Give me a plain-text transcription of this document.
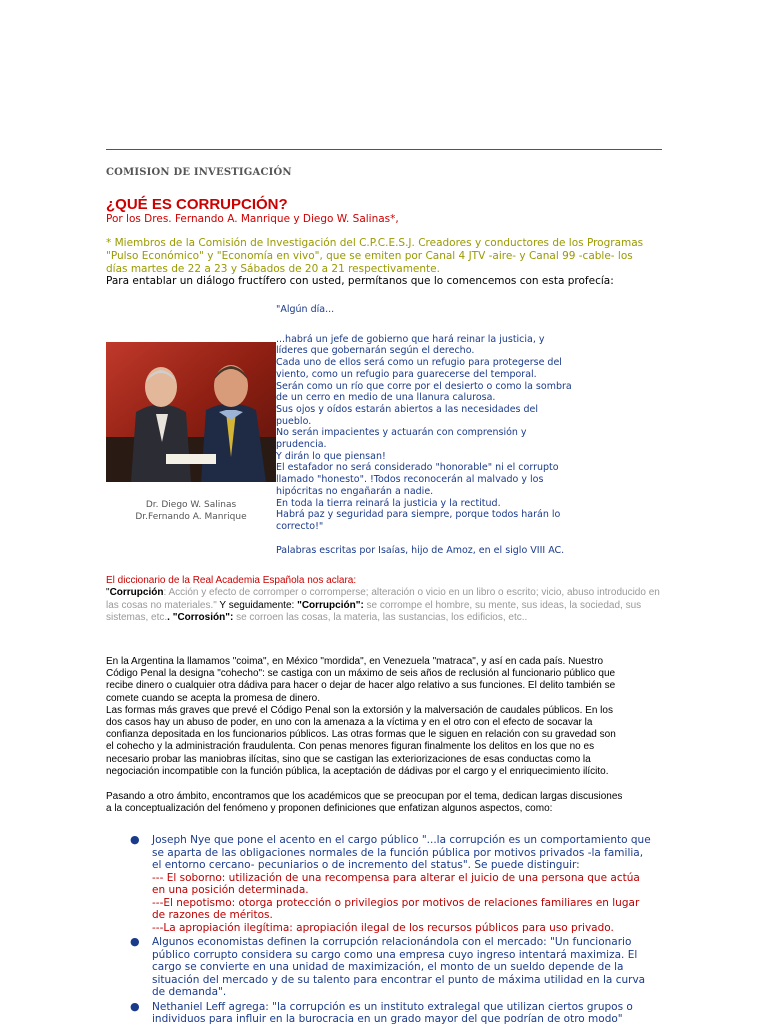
COMISION DE INVESTIGACIÓN
¿QUÉ ES CORRUPCIÓN?
Por los Dres. Fernando A. Manrique y Diego W. Salinas*,
* Miembros de la Comisión de Investigación del C.P.C.E.S.J. Creadores y conductores de los Programas
"Pulso Económico" y "Economía en vivo", que se emiten por Canal 4 JTV -aire- y Canal 99 -cable- los
días martes de 22 a 23 y Sábados de 20 a 21 respectivamente.
Para entablar un diálogo fructífero con usted, permítanos que lo comencemos con esta profecía:
Dr. Diego W. Salinas
Dr.Fernando A. Manrique

"Algún día...

...habrá un jefe de gobierno que hará reinar la justicia, y
líderes que gobernarán según el derecho.
Cada uno de ellos será como un refugio para protegerse del
viento, como un refugio para guarecerse del temporal.
Serán como un río que corre por el desierto o como la sombra
de un cerro en medio de una llanura calurosa.
Sus ojos y oídos estarán abiertos a las necesidades del
pueblo.
No serán impacientes y actuarán con comprensión y
prudencia.
Y dirán lo que piensan!
El estafador no será considerado "honorable" ni el corrupto
llamado "honesto". !Todos reconocerán al malvado y los
hipócritas no engañarán a nadie.
En toda la tierra reinará la justicia y la rectitud.
Habrá paz y seguridad para siempre, porque todos harán lo
correcto!"

Palabras escritas por Isaías, hijo de Amoz, en el siglo VIII AC.

El diccionario de la Real Academia Española nos aclara:
"Corrupción: Acción y efecto de corromper o corromperse; alteración o vicio en un libro o escrito; vicio, abuso introducido en las cosas no materiales." Y seguidamente: "Corrupción": se corrompe el hombre, su mente, sus ideas, la sociedad, sus sistemas, etc.. "Corrosión": se corroen las cosas, la materia, las sustancias, los edificios, etc..
En la Argentina la llamamos "coima", en México "mordida", en Venezuela "matraca", y así en cada país. Nuestro
Código Penal la designa "cohecho": se castiga con un máximo de seis años de reclusión al funcionario público que
recibe dinero o cualquier otra dádiva para hacer o dejar de hacer algo relativo a sus funciones. El delito también se
comete cuando se acepta la promesa de dinero.
Las formas más graves que prevé el Código Penal son la extorsión y la malversación de caudales públicos. En los
dos casos hay un abuso de poder, en uno con la amenaza a la víctima y en el otro con el efecto de socavar la
confianza depositada en los funcionarios públicos. Las otras formas que le siguen en relación con su gravedad son
el cohecho y la administración fraudulenta. Con penas menores figuran finalmente los delitos en los que no es
necesario probar las maniobras ilícitas, sino que se castigan las exteriorizaciones de esas conductas como la
negociación incompatible con la función pública, la aceptación de dádivas por el cargo y el enriquecimiento ilícito.
Pasando a otro ámbito, encontramos que los académicos que se preocupan por el tema, dedican largas discusiones
a la conceptualización del fenómeno y proponen definiciones que enfatizan algunos aspectos, como:
● Joseph Nye que pone el acento en el cargo público "...la corrupción es un comportamiento que
se aparta de las obligaciones normales de la función pública por motivos privados -la familia,
el entorno cercano- pecuniarios o de incremento del status". Se puede distinguir:
--- El soborno: utilización de una recompensa para alterar el juicio de una persona que actúa
en una posición determinada.
---El nepotismo: otorga protección o privilegios por motivos de relaciones familiares en lugar
de razones de méritos.
---La apropiación ilegítima: apropiación ilegal de los recursos públicos para uso privado.
● Algunos economistas definen la corrupción relacionándola con el mercado: "Un funcionario
público corrupto considera su cargo como una empresa cuyo ingreso intentará maximiza. El
cargo se convierte en una unidad de maximización, el monto de un sueldo depende de la
situación del mercado y de su talento para encontrar el punto de máxima utilidad en la curva
de demanda".
● Nethaniel Leff agrega: "la corrupción es un instituto extralegal que utilizan ciertos grupos o
individuos para influir en la burocracia en un grado mayor del que podrían de otro modo"
